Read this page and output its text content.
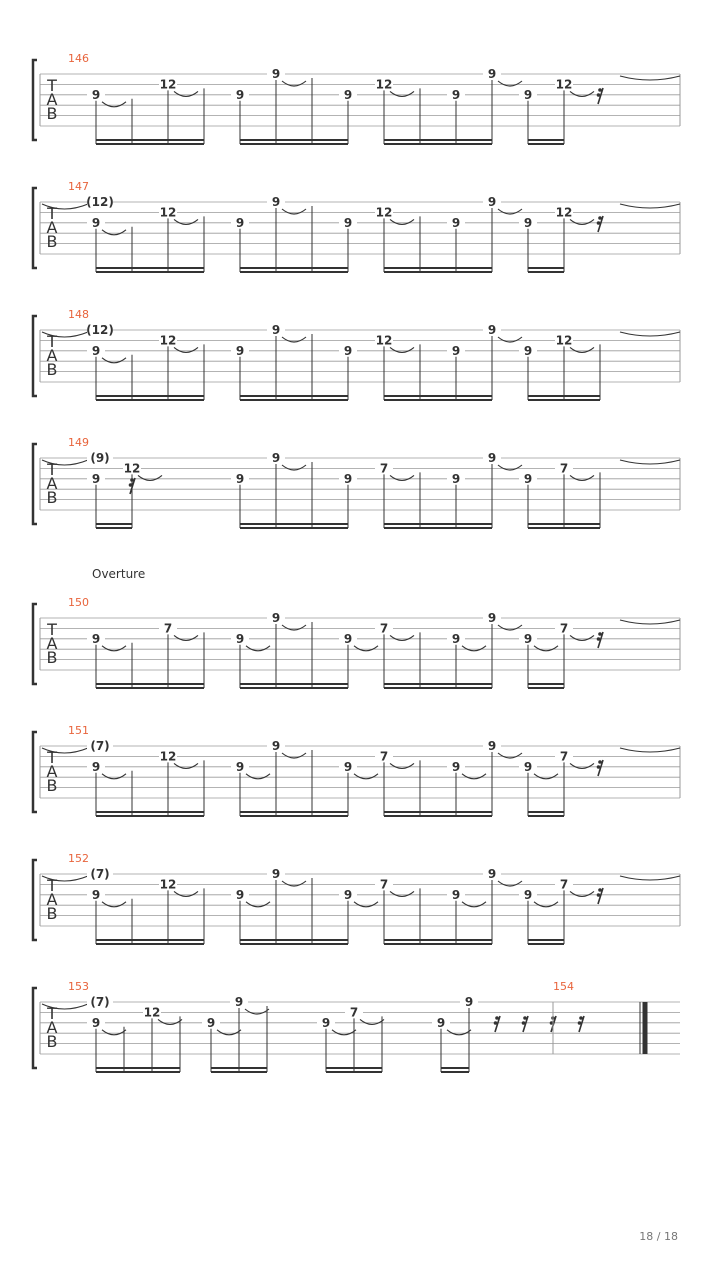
T
A
B
146
9
12
9
9
9
12
9
9
9
12
T
A
B
147
9
(12)
12
9
9
9
12
9
9
9
12
T
A
B
148
9
(12)
12
9
9
9
12
9
9
9
12
T
A
B
149
9
(9)
12
9
9
9
7
9
9
9
7
T
A
B
150
9
7
9
9
9
7
9
9
9
7
T
A
B
151
9
(7)
12
9
9
9
7
9
9
9
7
T
A
B
152
9
(7)
12
9
9
9
7
9
9
9
7
T
A
B
153
9
(7)
12
9
9
9
7
9
9
154
Overture
18 / 18
